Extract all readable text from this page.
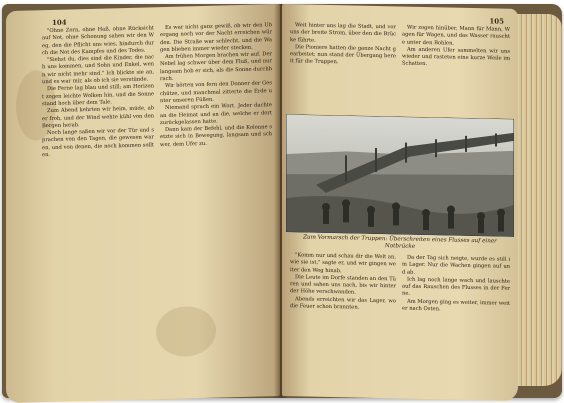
104

"Ohne Zorn, ohne Haß, ohne Rücksicht auf Not, ohne Schonung sahen wir den Weg, den die Pflicht uns wies, hindurch durch die Not des Kampfes und des Todes.

"Siehst du, dies sind die Kinder, die nach uns kommen, und Sohn und Enkel, wenn wir nicht mehr sind." Ich blickte sie an, und es war mir, als ob ich sie verstünde.

Die Ferne lag blau und still; am Horizont zogen leichte Wolken hin, und die Sonne stand hoch über dem Tale.

Zum Abend kehrten wir heim, müde, aber froh, und der Wind wehte kühl von den Bergen herab.

Noch lange saßen wir vor der Tür und sprachen von den Tagen, die gewesen waren, und von denen, die noch kommen sollten.

Es war nicht ganz gewiß, ob wir den Übergang noch vor der Nacht erreichen würden. Die Straße war schlecht, und die Wagen blieben immer wieder stecken.

Am frühen Morgen brachen wir auf. Der Nebel lag schwer über dem Fluß, und nur langsam hob er sich, als die Sonne durchbrach.

Wir hörten von fern den Donner der Geschütze, und manchmal zitterte die Erde unter unseren Füßen.

Niemand sprach ein Wort. Jeder dachte an die Heimat und an die, welche er dort zurückgelassen hatte.

Dann kam der Befehl, und die Kolonne setzte sich in Bewegung, langsam und schwer, dem Ufer zu.

105

Weit hinter uns lag die Stadt, und vor uns der breite Strom, über den die Brücke führte.

Die Pioniere hatten die ganze Nacht gearbeitet; nun stand der Übergang bereit für die Truppen.

Wir zogen hinüber, Mann für Mann, Wagen für Wagen, und das Wasser rauschte unter den Bohlen.

Am anderen Ufer sammelten wir uns wieder und rasteten eine kurze Weile im Schatten.

Zum Vormarsch der Truppen: Überschreiten eines Flusses auf einer Notbrücke

"Komm nur und schau dir die Welt an, wie sie ist," sagte er, und wir gingen weiter den Weg hinab.

Die Leute im Dorfe standen an den Türen und sahen uns nach, bis wir hinter der Höhe verschwanden.

Abends erreichten wir das Lager, wo die Feuer schon brannten.

Da der Tag sich neigte, wurde es still im Lager. Nur die Wachen gingen auf und ab.

Ich lag noch lange wach und lauschte auf das Rauschen des Flusses in der Ferne.

Am Morgen ging es weiter, immer weiter nach Osten.
